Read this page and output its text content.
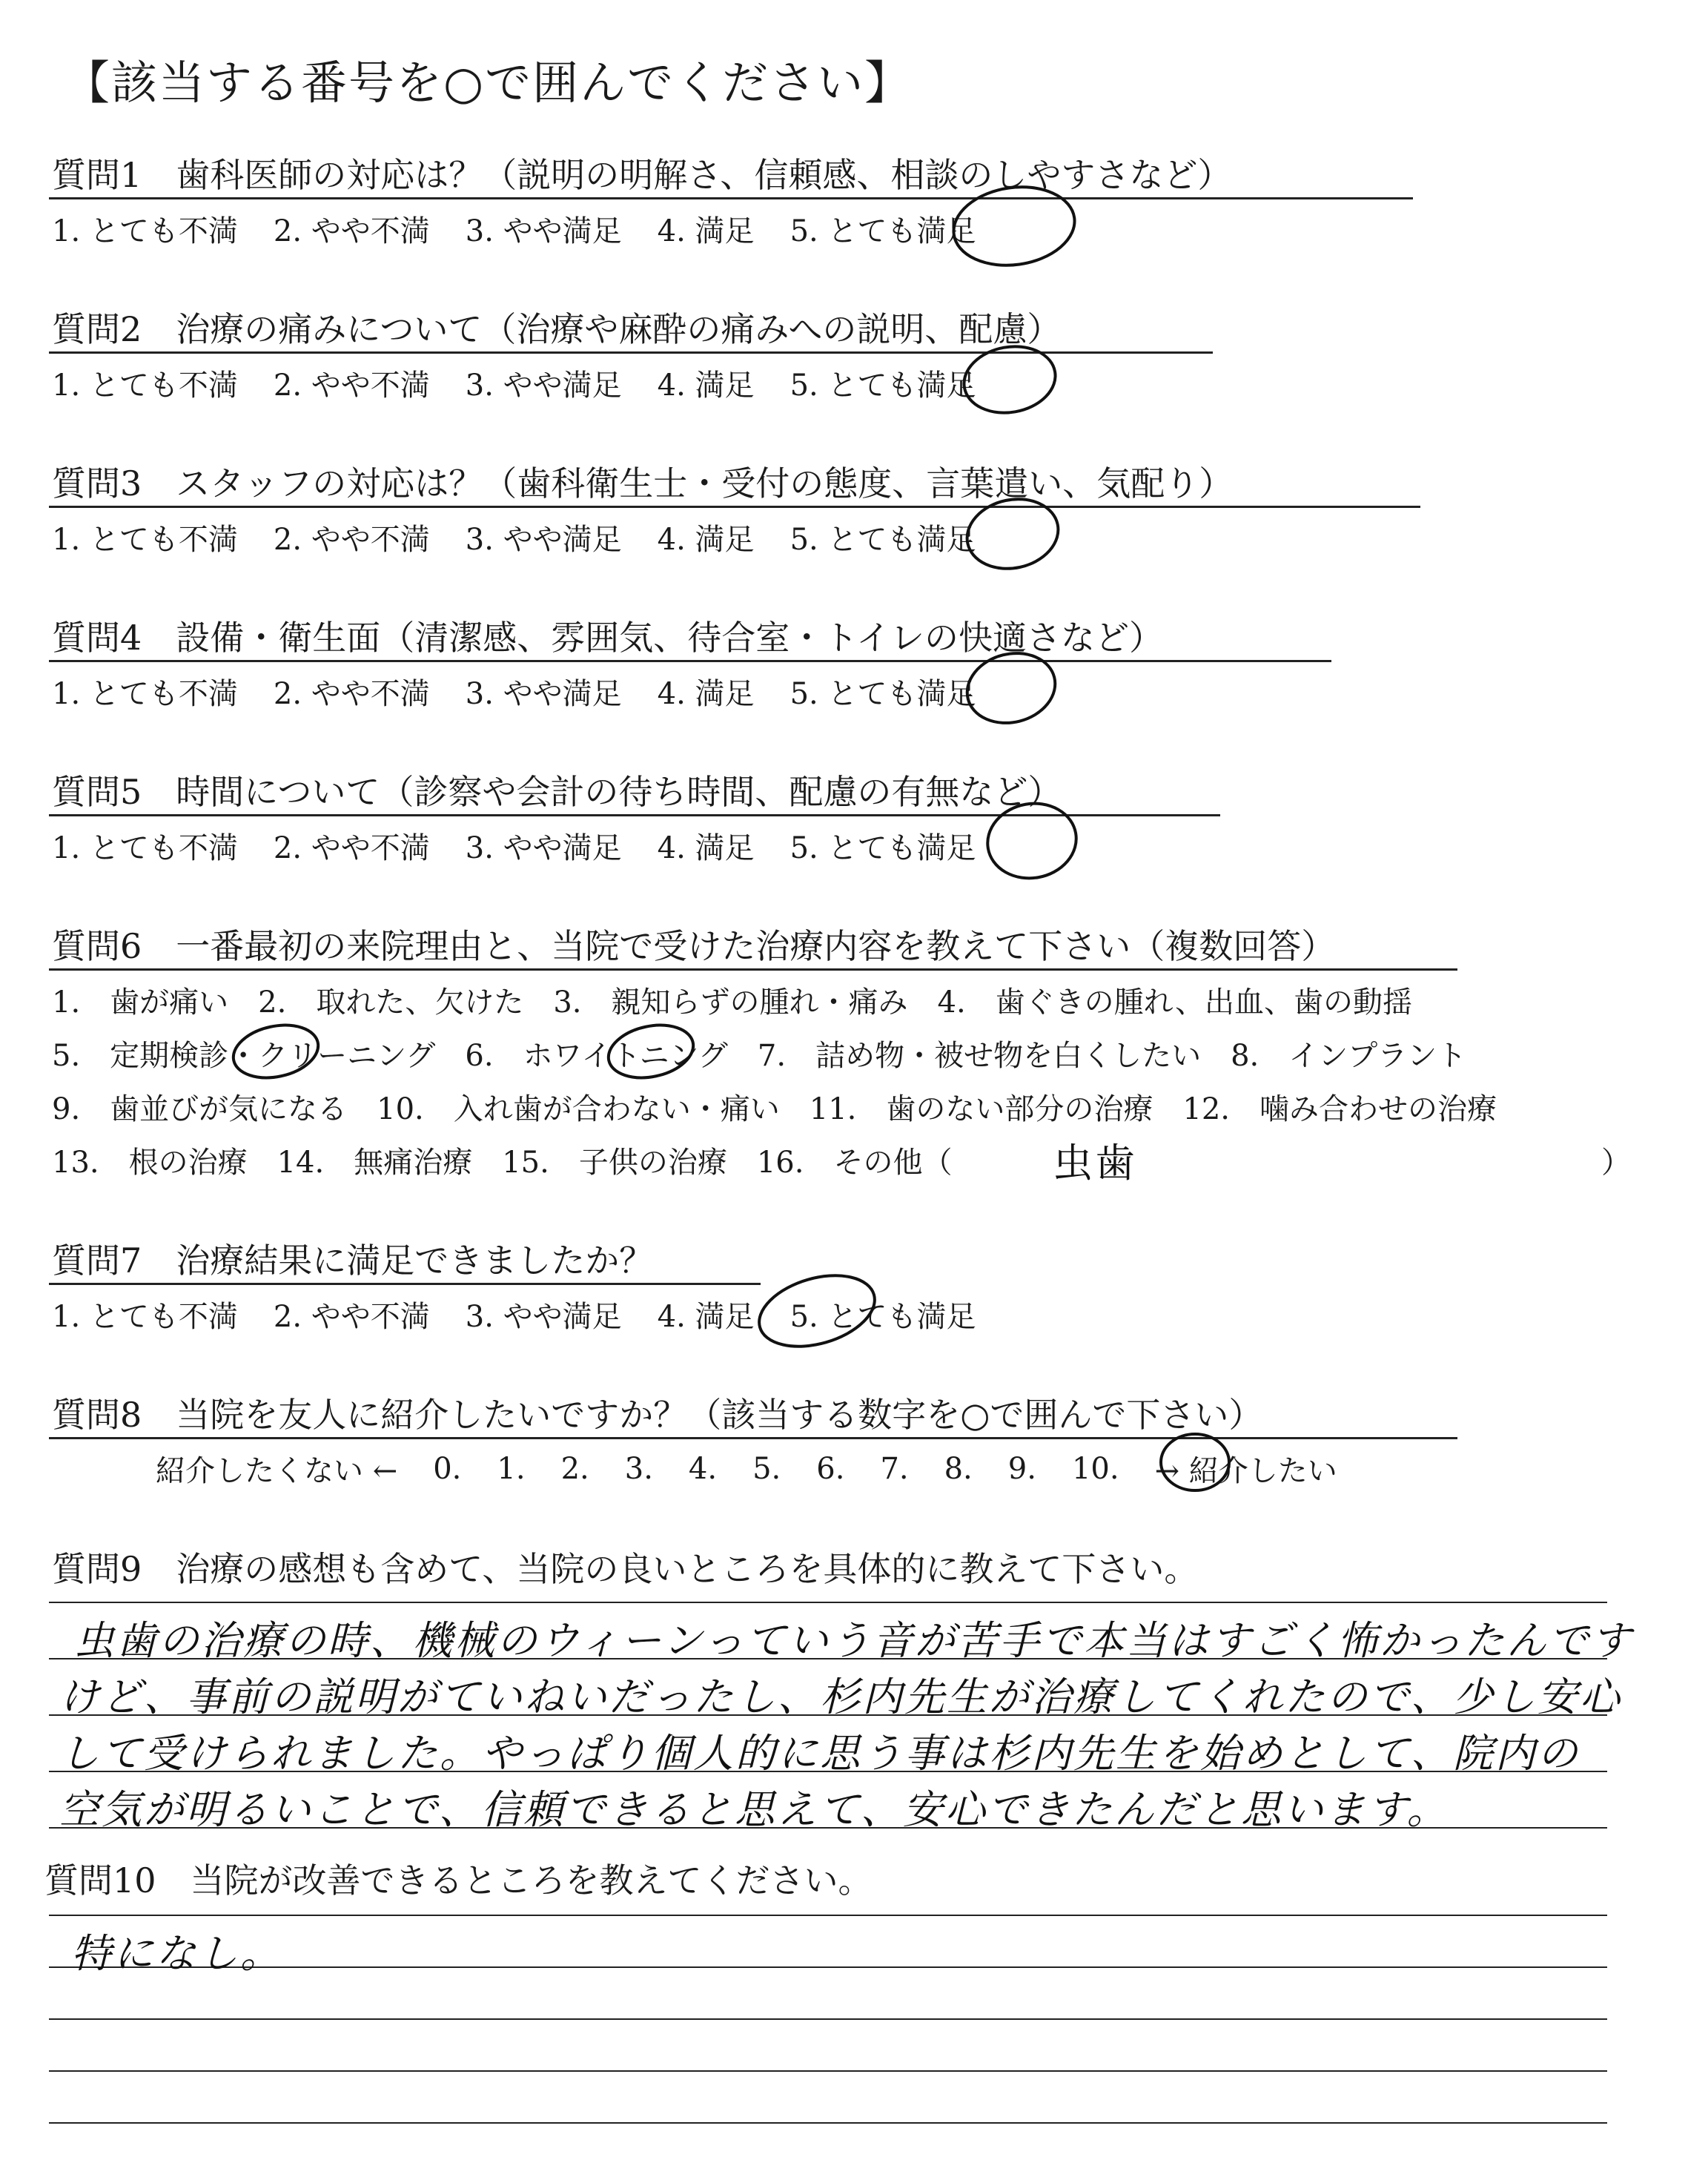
【該当する番号を○で囲んでください】
質問1　歯科医師の対応は？（説明の明解さ、信頼感、相談のしやすさなど）
1. とても不満 2. やや不満 3. やや満足 4. 満足 5. とても満足
質問2　治療の痛みについて（治療や麻酔の痛みへの説明、配慮）
1. とても不満 2. やや不満 3. やや満足 4. 満足 5. とても満足
質問3　スタッフの対応は？（歯科衛生士・受付の態度、言葉遣い、気配り）
1. とても不満 2. やや不満 3. やや満足 4. 満足 5. とても満足
質問4　設備・衛生面（清潔感、雰囲気、待合室・トイレの快適さなど）
1. とても不満 2. やや不満 3. やや満足 4. 満足 5. とても満足
質問5　時間について（診察や会計の待ち時間、配慮の有無など）
1. とても不満 2. やや不満 3. やや満足 4. 満足 5. とても満足
質問6　一番最初の来院理由と、当院で受けた治療内容を教えて下さい（複数回答）
1.　歯が痛い　2.　取れた、欠けた　3.　親知らずの腫れ・痛み　4.　歯ぐきの腫れ、出血、歯の動揺
5.　定期検診・クリーニング　6.　ホワイトニング　7.　詰め物・被せ物を白くしたい　8.　インプラント
9.　歯並びが気になる　10.　入れ歯が合わない・痛い　11.　歯のない部分の治療　12.　噛み合わせの治療
13.　根の治療　14.　無痛治療　15.　子供の治療　16.　その他（	）
虫歯
質問7　治療結果に満足できましたか？
1. とても不満 2. やや不満 3. やや満足 4. 満足 5. とても満足
質問8　当院を友人に紹介したいですか？（該当する数字を○で囲んで下さい）
紹介したくない ← 0. 1. 2. 3. 4. 5. 6. 7. 8. 9. 10. → 紹介したい
質問9　治療の感想も含めて、当院の良いところを具体的に教えて下さい。
虫歯の治療の時、機械のウィーンっていう音が苦手で本当はすごく怖かったんです
けど、事前の説明がていねいだったし、杉内先生が治療してくれたので、少し安心
して受けられました。やっぱり個人的に思う事は杉内先生を始めとして、院内の
空気が明るいことで、信頼できると思えて、安心できたんだと思います。
質問10　当院が改善できるところを教えてください。
特になし。
